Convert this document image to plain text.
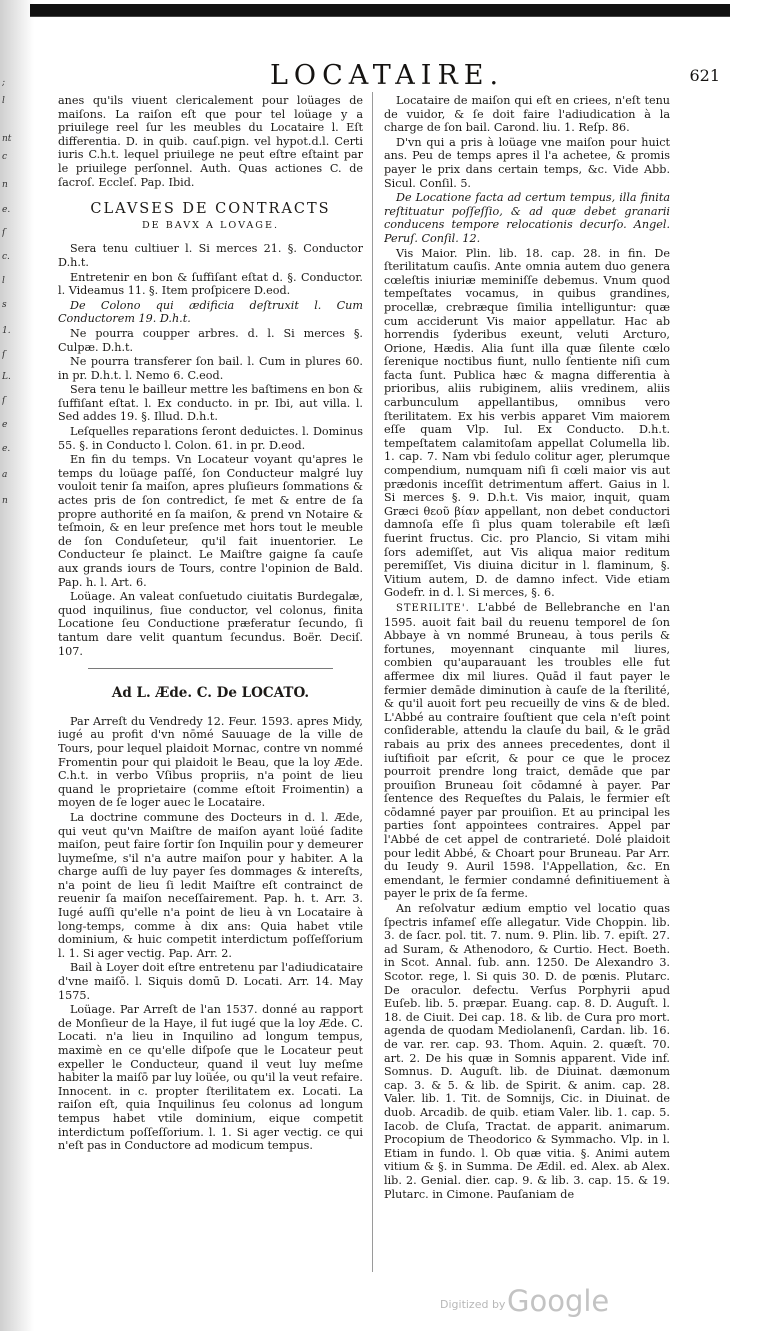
;
l
nt
c
n
e.
ſ
c.
l
s
1.
ſ
L.
ſ
e
e.
a
n
LOCATAIRE.	621

anes qu'ils viuent clericalement pour loüages de maiſons. La raiſon eſt que pour tel loüage y a priuilege reel ſur les meubles du Locataire l. Eſt differentia. D. in quib. cauſ.pign. vel hypot.d.l. Certi iuris C.h.t. lequel priuilege ne peut eſtre eſtaint par le priuilege perſonnel. Auth. Quas actiones C. de ſacroſ. Eccleſ. Pap. Ibid.

CLAVSES DE CONTRACTS
DE BAVX A LOVAGE.

Sera tenu cultiuer l. Si merces 21. §. Conductor D.h.t.

Entretenir en bon & ſuffiſant eſtat d. §. Conductor. l. Videamus 11. §. Item proſpicere D.eod.

De Colono qui ædificia deſtruxit l. Cum Conductorem 19. D.h.t.

Ne pourra coupper arbres. d. l. Si merces §. Culpæ. D.h.t.

Ne pourra transferer ſon bail. l. Cum in plures 60. in pr. D.h.t. l. Nemo 6. C.eod.

Sera tenu le bailleur mettre les baſtimens en bon & ſuffiſant eſtat. l. Ex conducto. in pr. Ibi, aut villa. l. Sed addes 19. §. Illud. D.h.t.

Leſquelles reparations ſeront deduictes. l. Dominus 55. §. in Conducto l. Colon. 61. in pr. D.eod.

En fin du temps. Vn Locateur voyant qu'apres le temps du loüage paſſé, ſon Conducteur malgré luy vouloit tenir ſa maiſon, apres pluſieurs ſommations & actes pris de ſon contredict, ſe met & entre de ſa propre authorité en ſa maiſon, & prend vn Notaire & teſmoin, & en leur preſence met hors tout le meuble de ſon Conduſeteur, qu'il fait inuentorier. Le Conducteur ſe plainct. Le Maiſtre gaigne ſa cauſe aux grands iours de Tours, contre l'opinion de Bald. Pap. h. l. Art. 6.

Loüage. An valeat conſuetudo ciuitatis Burdegalæ, quod inquilinus, ſiue conductor, vel colonus, finita Locatione ſeu Conductione præferatur ſecundo, ſi tantum dare velit quantum ſecundus. Boër. Deciſ. 107.

Ad L. Æde. C. De LOCATO.

Par Arreſt du Vendredy 12. Feur. 1593. apres Midy, iugé au profit d'vn nōmé Sauuage de la ville de Tours, pour lequel plaidoit Mornac, contre vn nommé Fromentin pour qui plaidoit le Beau, que la loy Æde. C.h.t. in verbo Vſibus propriis, n'a point de lieu quand le proprietaire (comme eſtoit Froimentin) a moyen de ſe loger auec le Locataire.

La doctrine commune des Docteurs in d. l. Æde, qui veut qu'vn Maiſtre de maiſon ayant loüé ſadite maiſon, peut faire ſortir ſon Inquilin pour y demeurer luymeſme, s'il n'a autre maiſon pour y habiter. A la charge auſſi de luy payer ſes dommages & intereſts, n'a point de lieu ſi ledit Maiſtre eſt contrainct de reuenir ſa maiſon neceſſairement. Pap. h. t. Arr. 3. Iugé auſſi qu'elle n'a point de lieu à vn Locataire à long-temps, comme à dix ans: Quia habet vtile dominium, & huic competit interdictum poſſeſſorium l. 1. Si ager vectig. Pap. Arr. 2.

Bail à Loyer doit eſtre entretenu par l'adiudicataire d'vne maiſō. l. Siquis domū D. Locati. Arr. 14. May 1575.

Loüage. Par Arreſt de l'an 1537. donné au rapport de Monſieur de la Haye, il fut iugé que la loy Æde. C. Locati. n'a lieu in Inquilino ad longum tempus, maximè en ce qu'elle diſpoſe que le Locateur peut expeller le Conducteur, quand il veut luy meſme habiter la maiſō par luy loüée, ou qu'il la veut refaire. Innocent. in c. propter ſterilitatem ex. Locati. La raiſon eſt, quia Inquilinus ſeu colonus ad longum tempus habet vtile dominium, eique competit interdictum poſſeſſorium. l. 1. Si ager vectig. ce qui n'eſt pas in Conductore ad modicum tempus.

Locataire de maiſon qui eſt en criees, n'eſt tenu de vuidor, & ſe doit faire l'adiudication à la charge de ſon bail. Carond. liu. 1. Reſp. 86.

D'vn qui a pris à loüage vne maiſon pour huict ans. Peu de temps apres il l'a achetee, & promis payer le prix dans certain temps, &c. Vide Abb. Sicul. Conſil. 5.

De Locatione facta ad certum tempus, illa finita reſtituatur poſſeſſio, & ad quæ debet granarii conducens tempore relocationis decurſo. Angel. Peruſ. Conſil. 12.

Vis Maior. Plin. lib. 18. cap. 28. in fin. De ſterilitatum cauſis. Ante omnia autem duo genera cœleſtis iniuriæ meminiſſe debemus. Vnum quod tempeſtates vocamus, in quibus grandines, procellæ, crebræque ſimilia intelliguntur: quæ cum acciderunt Vis maior appellatur. Hac ab horrendis ſyderibus exeunt, veluti Arcturo, Orione, Hædis. Alia ſunt illa quæ ſilente cœlo ſerenique noctibus fiunt, nullo ſentiente niſi cum facta ſunt. Publica hæc & magna differentia à prioribus, aliis rubiginem, aliis vredinem, aliis carbunculum appellantibus, omnibus vero ſterilitatem. Ex his verbis apparet Vim maiorem eſſe quam Vlp. Iul. Ex Conducto. D.h.t. tempeſtatem calamitoſam appellat Columella lib. 1. cap. 7. Nam vbi ſedulo colitur ager, plerumque compendium, numquam niſi ſi cœli maior vis aut prædonis inceſſit detrimentum affert. Gaius in l. Si merces §. 9. D.h.t. Vis maior, inquit, quam Græci θεοῦ βίαν appellant, non debet conductori damnoſa eſſe ſi plus quam tolerabile eſt læſi fuerint fructus. Cic. pro Plancio, Si vitam mihi ſors ademiſſet, aut Vis aliqua maior reditum peremiſſet, Vis diuina dicitur in l. flaminum, §. Vitium autem, D. de damno infect. Vide etiam Godefr. in d. l. Si merces, §. 6.

STERILITE'. L'abbé de Bellebranche en l'an 1595. auoit fait bail du reuenu temporel de ſon Abbaye à vn nommé Bruneau, à tous perils & fortunes, moyennant cinquante mil liures, combien qu'auparauant les troubles elle fut affermee dix mil liures. Quād il faut payer le fermier demāde diminution à cauſe de la ſterilité, & qu'il auoit fort peu recueilly de vins & de bled. L'Abbé au contraire ſouſtient que cela n'eſt point conſiderable, attendu la clauſe du bail, & le grād rabais au prix des annees precedentes, dont il iuſtifioit par eſcrit, & pour ce que le procez pourroit prendre long traict, demāde que par prouiſion Bruneau ſoit cōdamné à payer. Par ſentence des Requeſtes du Palais, le fermier eſt cōdamné payer par prouiſion. Et au principal les parties ſont appointees contraires. Appel par l'Abbé de cet appel de contrarieté. Dolé plaidoit pour ledit Abbé, & Choart pour Bruneau. Par Arr. du Ieudy 9. Auril 1598. l'Appellation, &c. En emendant, le fermier condamné definitiuement à payer le prix de ſa ferme.

An reſolvatur ædium emptio vel locatio quas ſpectris infameſ eſſe allegatur. Vide Choppin. lib. 3. de ſacr. pol. tit. 7. num. 9. Plin. lib. 7. epiſt. 27. ad Suram, & Athenodoro, & Curtio. Hect. Boeth. in Scot. Annal. ſub. ann. 1250. De Alexandro 3. Scotor. rege, l. Si quis 30. D. de pœnis. Plutarc. De oraculor. defectu. Verſus Porphyrii apud Euſeb. lib. 5. præpar. Euang. cap. 8. D. Auguſt. l. 18. de Ciuit. Dei cap. 18. & lib. de Cura pro mort. agenda de quodam Mediolanenſi, Cardan. lib. 16. de var. rer. cap. 93. Thom. Aquin. 2. quæſt. 70. art. 2. De his quæ in Somnis apparent. Vide inf. Somnus. D. Auguſt. lib. de Diuinat. dæmonum cap. 3. & 5. & lib. de Spirit. & anim. cap. 28. Valer. lib. 1. Tit. de Somnijs, Cic. in Diuinat. de duob. Arcadib. de quib. etiam Valer. lib. 1. cap. 5. Iacob. de Cluſa, Tractat. de apparit. animarum. Procopium de Theodorico & Symmacho. Vlp. in l. Etiam in fundo. l. Ob quæ vitia. §. Animi autem vitium & §. in Summa. De Ædil. ed. Alex. ab Alex. lib. 2. Genial. dier. cap. 9. & lib. 3. cap. 15. & 19. Plutarc. in Cimone. Pauſaniam de

Digitized by Google
